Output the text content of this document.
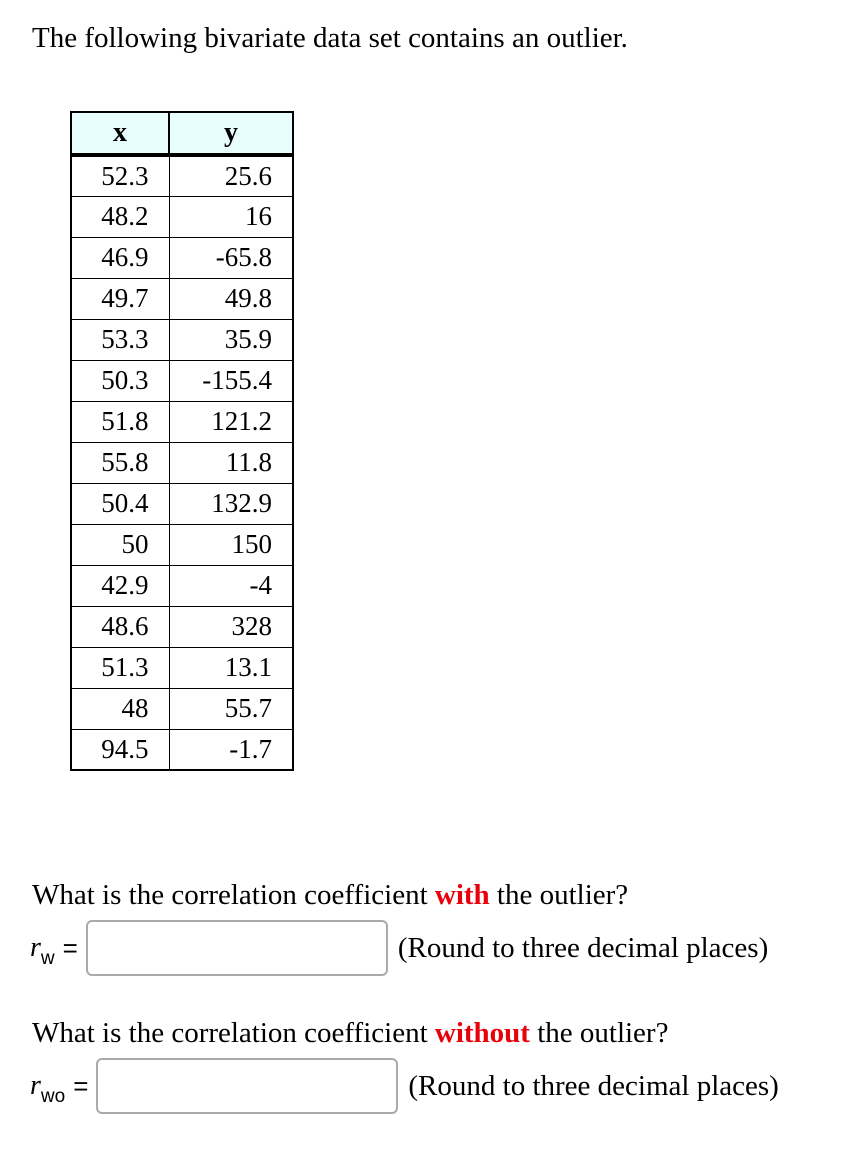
The following bivariate data set contains an outlier.

x	y
52.3	25.6
48.2	16
46.9	-65.8
49.7	49.8
53.3	35.9
50.3	-155.4
51.8	121.2
55.8	11.8
50.4	132.9
50	150
42.9	-4
48.6	328
51.3	13.1
48	55.7
94.5	-1.7

What is the correlation coefficient with the outlier?

$r_w$ =	(Round to three decimal places)

What is the correlation coefficient without the outlier?

$r_{wo}$ =	(Round to three decimal places)
